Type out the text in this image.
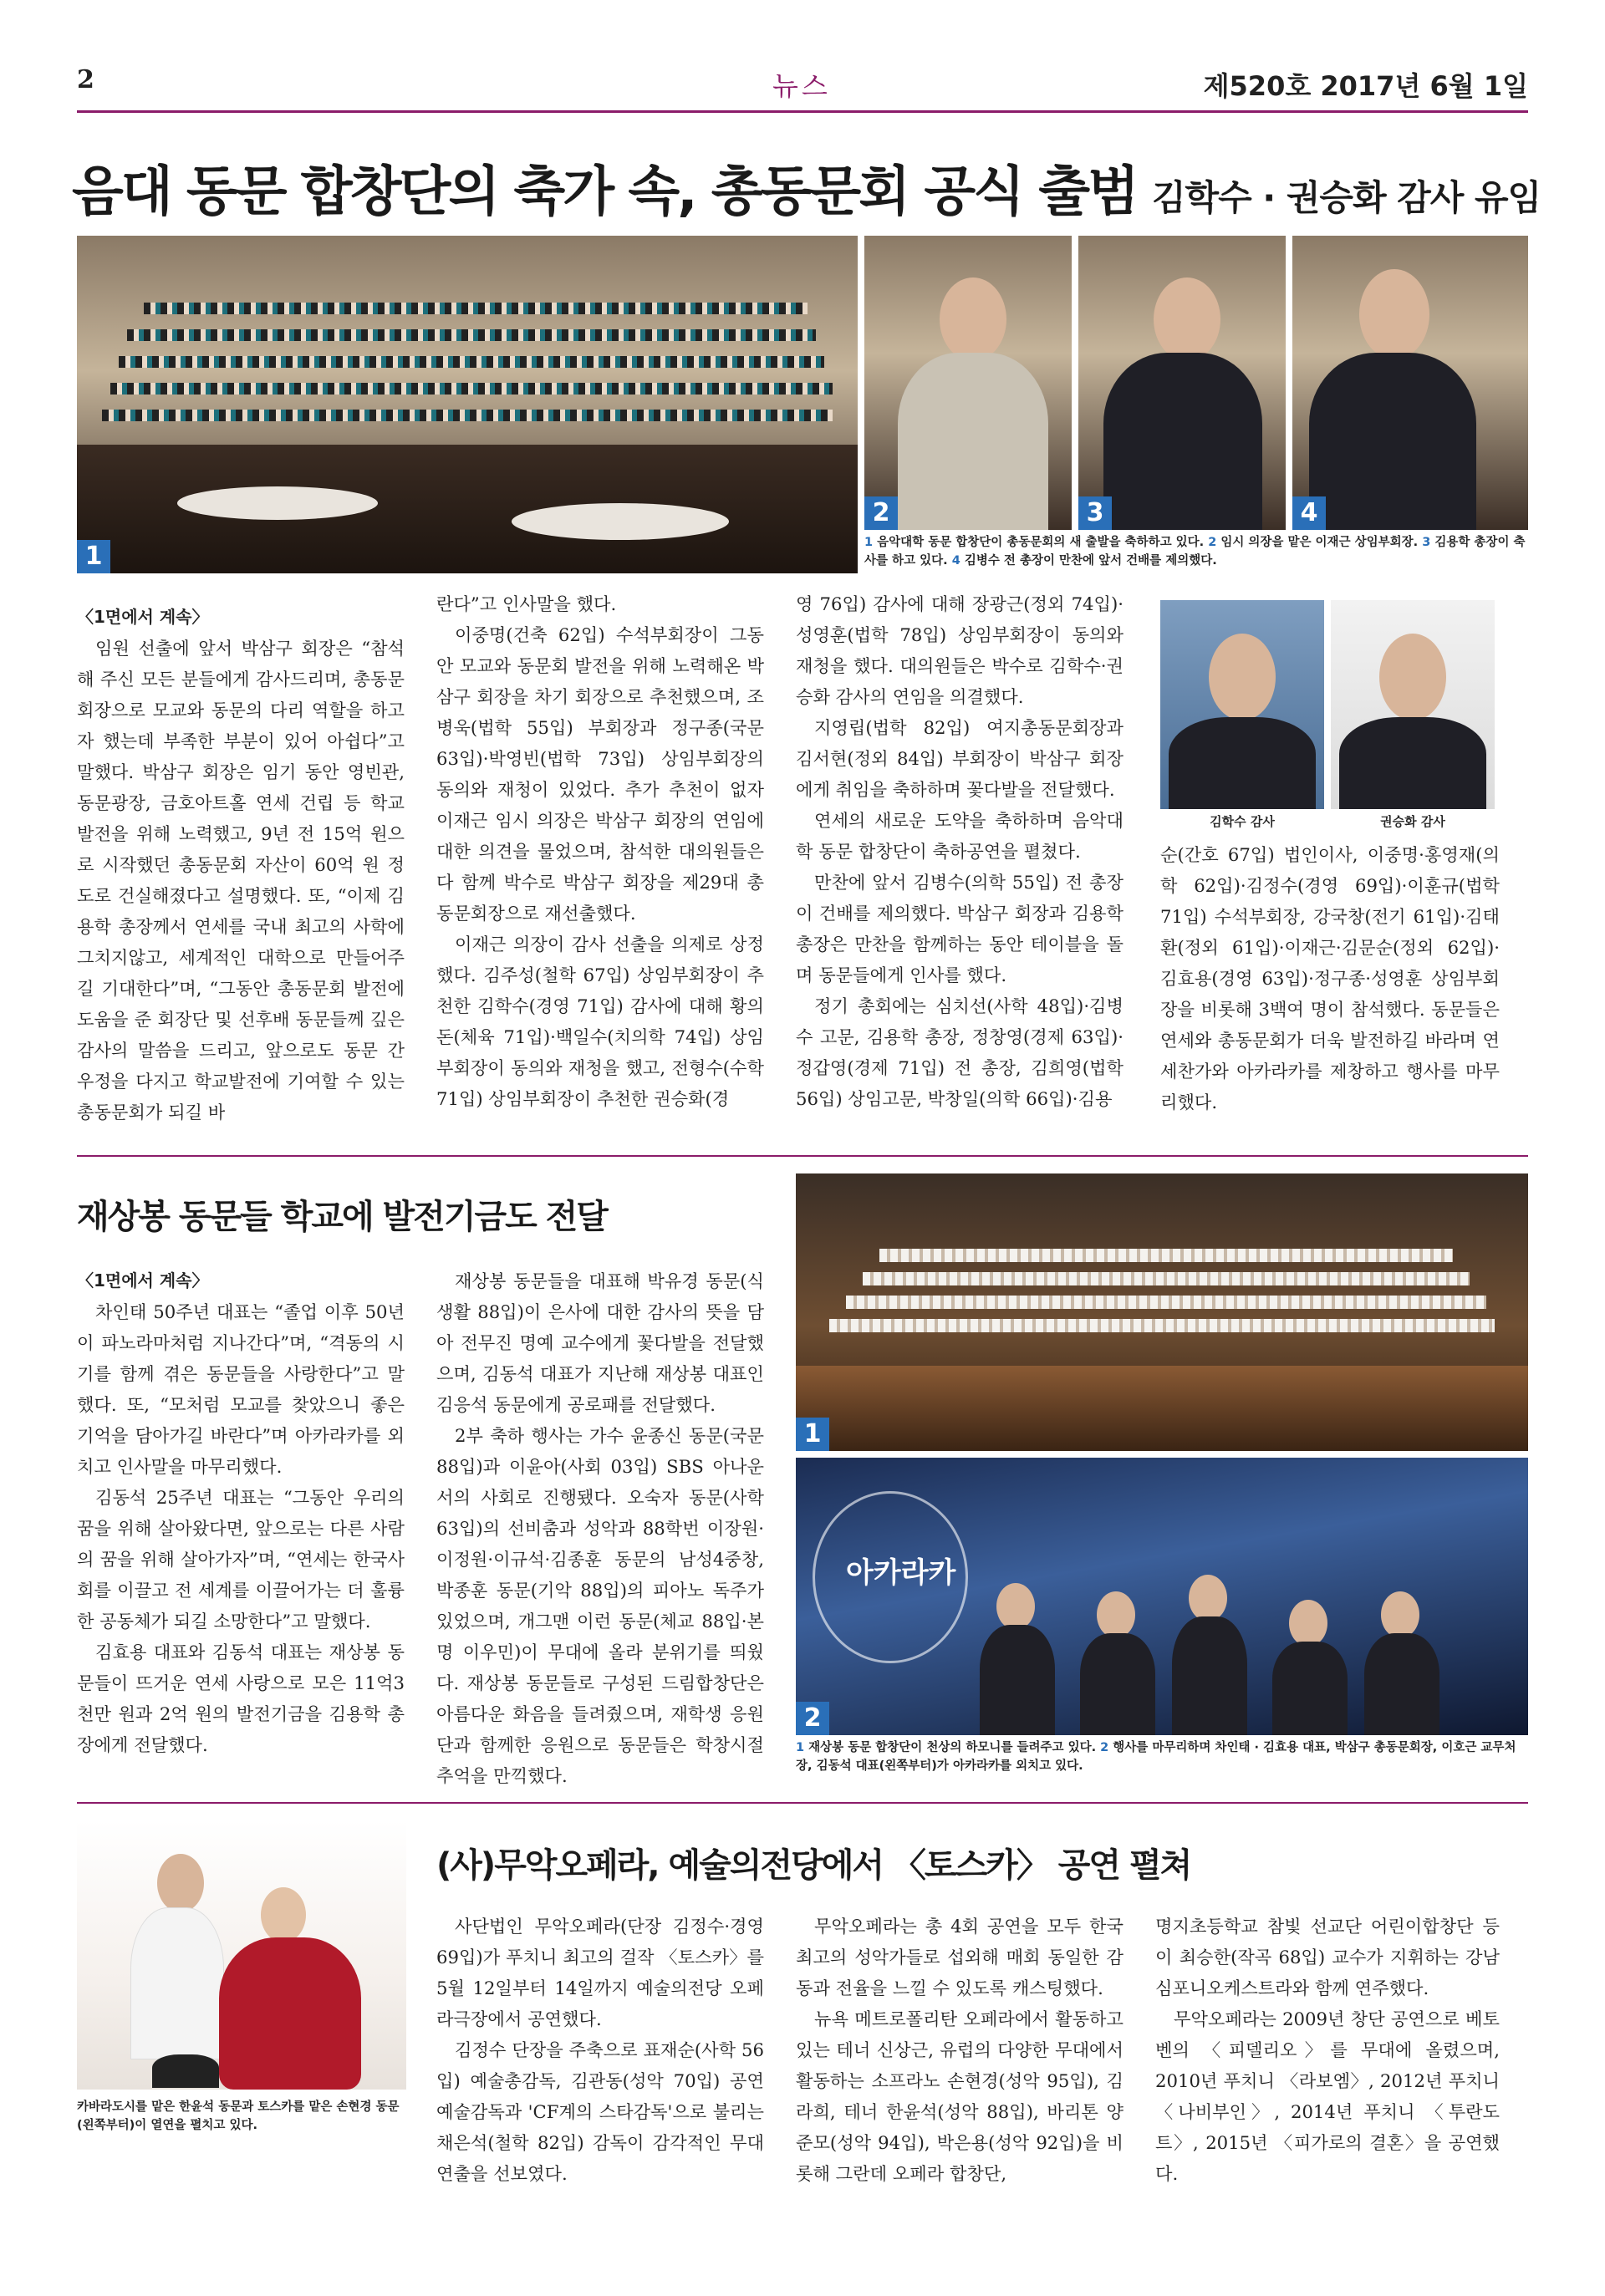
2	뉴스	제520호 2017년 6월 1일
음대 동문 합창단의 축가 속, 총동문회 공식 출범 김학수 · 권승화 감사 유임
1
2	3	4
1 음악대학 동문 합창단이 총동문회의 새 출발을 축하하고 있다. 2 임시 의장을 맡은 이재근 상임부회장. 3 김용학 총장이 축사를 하고 있다. 4 김병수 전 총장이 만찬에 앞서 건배를 제의했다.

〈1면에서 계속〉

임원 선출에 앞서 박삼구 회장은 “참석해 주신 모든 분들에게 감사드리며, 총동문회장으로 모교와 동문의 다리 역할을 하고자 했는데 부족한 부분이 있어 아쉽다”고 말했다. 박삼구 회장은 임기 동안 영빈관, 동문광장, 금호아트홀 연세 건립 등 학교 발전을 위해 노력했고, 9년 전 15억 원으로 시작했던 총동문회 자산이 60억 원 정도로 건실해졌다고 설명했다. 또, “이제 김용학 총장께서 연세를 국내 최고의 사학에 그치지않고, 세계적인 대학으로 만들어주길 기대한다”며, “그동안 총동문회 발전에 도움을 준 회장단 및 선후배 동문들께 깊은 감사의 말씀을 드리고, 앞으로도 동문 간 우정을 다지고 학교발전에 기여할 수 있는 총동문회가 되길 바

란다”고 인사말을 했다.

이중명(건축 62입) 수석부회장이 그동안 모교와 동문회 발전을 위해 노력해온 박삼구 회장을 차기 회장으로 추천했으며, 조병욱(법학 55입) 부회장과 정구종(국문 63입)·박영빈(법학 73입) 상임부회장의 동의와 재청이 있었다. 추가 추천이 없자 이재근 임시 의장은 박삼구 회장의 연임에 대한 의견을 물었으며, 참석한 대의원들은 다 함께 박수로 박삼구 회장을 제29대 총동문회장으로 재선출했다.

이재근 의장이 감사 선출을 의제로 상정했다. 김주성(철학 67입) 상임부회장이 추천한 김학수(경영 71입) 감사에 대해 황의돈(체육 71입)·백일수(치의학 74입) 상임부회장이 동의와 재청을 했고, 전형수(수학 71입) 상임부회장이 추천한 권승화(경

영 76입) 감사에 대해 장광근(정외 74입)·성영훈(법학 78입) 상임부회장이 동의와 재청을 했다. 대의원들은 박수로 김학수·권승화 감사의 연임을 의결했다.

지영립(법학 82입) 여지총동문회장과 김서현(정외 84입) 부회장이 박삼구 회장에게 취임을 축하하며 꽃다발을 전달했다.

연세의 새로운 도약을 축하하며 음악대학 동문 합창단이 축하공연을 펼쳤다.

만찬에 앞서 김병수(의학 55입) 전 총장이 건배를 제의했다. 박삼구 회장과 김용학 총장은 만찬을 함께하는 동안 테이블을 돌며 동문들에게 인사를 했다.

정기 총회에는 심치선(사학 48입)·김병수 고문, 김용학 총장, 정창영(경제 63입)·정갑영(경제 71입) 전 총장, 김희영(법학 56입) 상임고문, 박창일(의학 66입)·김용

김학수 감사	권승화 감사

순(간호 67입) 법인이사, 이중명·홍영재(의학 62입)·김정수(경영 69입)·이훈규(법학 71입) 수석부회장, 강국창(전기 61입)·김태환(정외 61입)·이재근·김문순(정외 62입)·김효용(경영 63입)·정구종·성영훈 상임부회장을 비롯해 3백여 명이 참석했다. 동문들은 연세와 총동문회가 더욱 발전하길 바라며 연세찬가와 아카라카를 제창하고 행사를 마무리했다.

재상봉 동문들 학교에 발전기금도 전달

〈1면에서 계속〉

차인태 50주년 대표는 “졸업 이후 50년이 파노라마처럼 지나간다”며, “격동의 시기를 함께 겪은 동문들을 사랑한다”고 말했다. 또, “모처럼 모교를 찾았으니 좋은 기억을 담아가길 바란다”며 아카라카를 외치고 인사말을 마무리했다.

김동석 25주년 대표는 “그동안 우리의 꿈을 위해 살아왔다면, 앞으로는 다른 사람의 꿈을 위해 살아가자”며, “연세는 한국사회를 이끌고 전 세계를 이끌어가는 더 훌륭한 공동체가 되길 소망한다”고 말했다.

김효용 대표와 김동석 대표는 재상봉 동문들이 뜨거운 연세 사랑으로 모은 11억3천만 원과 2억 원의 발전기금을 김용학 총장에게 전달했다.

재상봉 동문들을 대표해 박유경 동문(식생활 88입)이 은사에 대한 감사의 뜻을 담아 전무진 명예 교수에게 꽃다발을 전달했으며, 김동석 대표가 지난해 재상봉 대표인 김응석 동문에게 공로패를 전달했다.

2부 축하 행사는 가수 윤종신 동문(국문 88입)과 이윤아(사회 03입) SBS 아나운서의 사회로 진행됐다. 오숙자 동문(사학 63입)의 선비춤과 성악과 88학번 이장원·이정원·이규석·김종훈 동문의 남성4중창, 박종훈 동문(기악 88입)의 피아노 독주가 있었으며, 개그맨 이런 동문(체교 88입·본명 이우민)이 무대에 올라 분위기를 띄웠다. 재상봉 동문들로 구성된 드림합창단은 아름다운 화음을 들려줬으며, 재학생 응원단과 함께한 응원으로 동문들은 학창시절 추억을 만끽했다.

1
아카라카
2
1 재상봉 동문 합창단이 천상의 하모니를 들려주고 있다. 2 행사를 마무리하며 차인태 · 김효용 대표, 박삼구 총동문회장, 이호근 교무처장, 김동석 대표(왼쪽부터)가 아카라카를 외치고 있다.
카바라도시를 맡은 한윤석 동문과 토스카를 맡은 손현경 동문(왼쪽부터)이 열연을 펼치고 있다.
(사)무악오페라, 예술의전당에서 〈토스카〉 공연 펼쳐

사단법인 무악오페라(단장 김정수·경영 69입)가 푸치니 최고의 걸작 〈토스카〉를 5월 12일부터 14일까지 예술의전당 오페라극장에서 공연했다.

김정수 단장을 주축으로 표재순(사학 56입) 예술총감독, 김관동(성악 70입) 공연예술감독과 'CF계의 스타감독'으로 불리는 채은석(철학 82입) 감독이 감각적인 무대 연출을 선보였다.

무악오페라는 총 4회 공연을 모두 한국 최고의 성악가들로 섭외해 매회 동일한 감동과 전율을 느낄 수 있도록 캐스팅했다.

뉴욕 메트로폴리탄 오페라에서 활동하고 있는 테너 신상근, 유럽의 다양한 무대에서 활동하는 소프라노 손현경(성악 95입), 김라희, 테너 한윤석(성악 88입), 바리톤 양준모(성악 94입), 박은용(성악 92입)을 비롯해 그란데 오페라 합창단,

명지초등학교 참빛 선교단 어린이합창단 등이 최승한(작곡 68입) 교수가 지휘하는 강남심포니오케스트라와 함께 연주했다.

무악오페라는 2009년 창단 공연으로 베토벤의 〈피델리오〉를 무대에 올렸으며, 2010년 푸치니 〈라보엠〉, 2012년 푸치니 〈나비부인〉, 2014년 푸치니 〈투란도트〉, 2015년 〈피가로의 결혼〉을 공연했다.
